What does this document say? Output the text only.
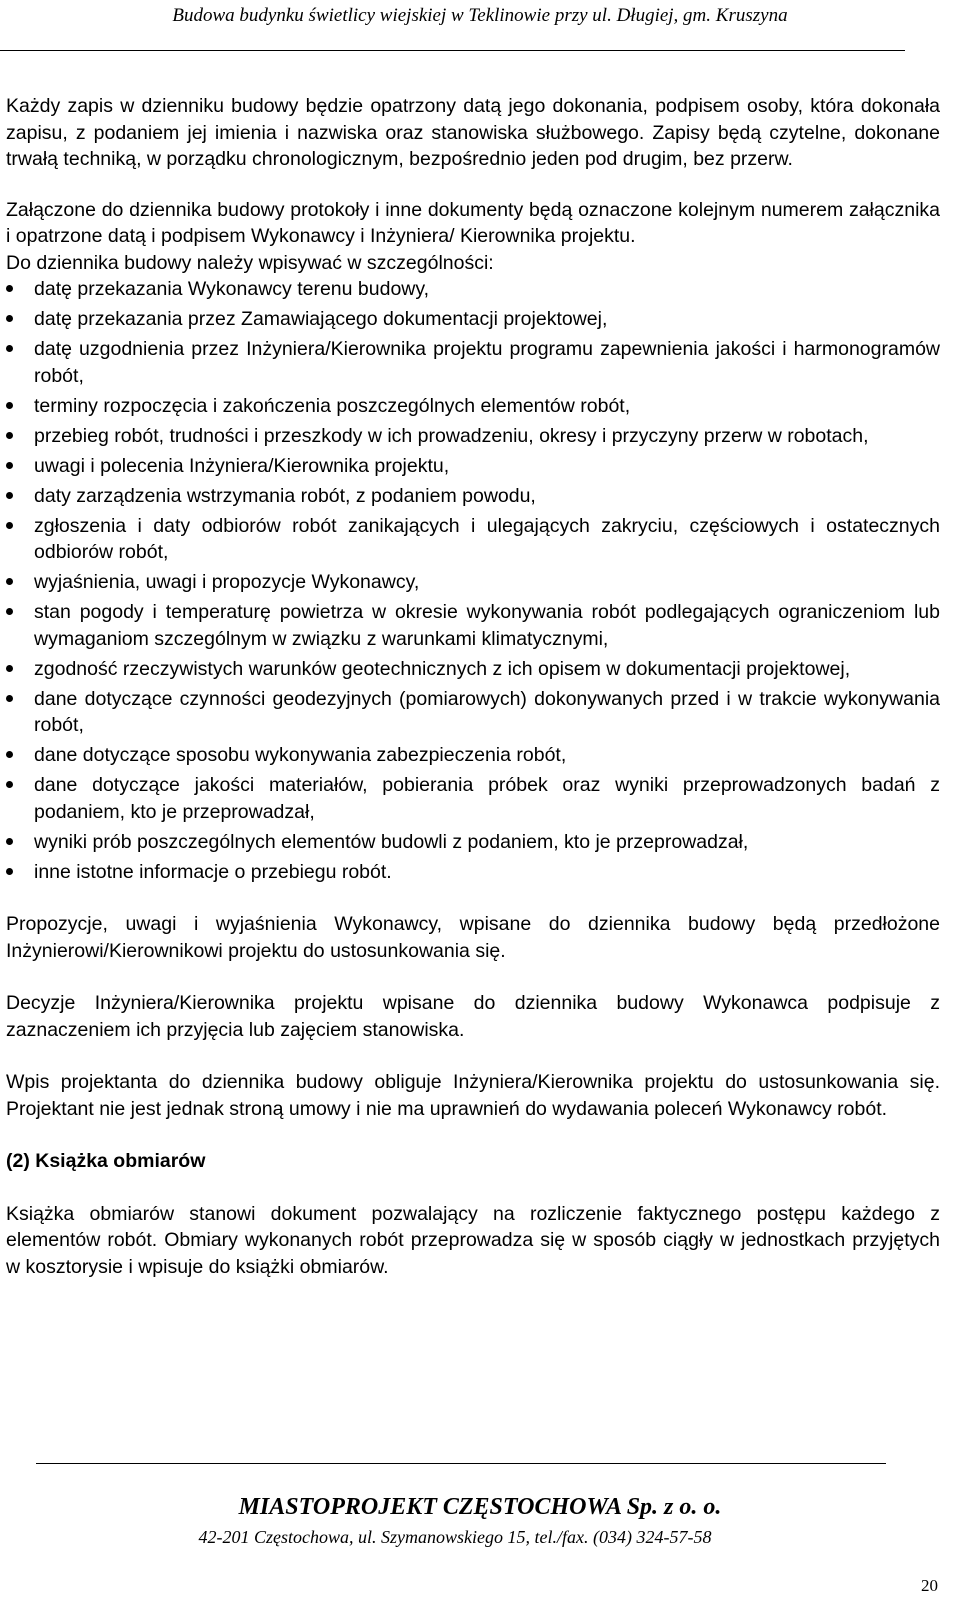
Budowa budynku świetlicy wiejskiej w Teklinowie przy ul. Długiej, gm. Kruszyna

Każdy zapis w dzienniku budowy będzie opatrzony datą jego dokonania, podpisem osoby, która dokonała zapisu, z podaniem jej imienia i nazwiska oraz stanowiska służbowego. Zapisy będą czytelne, dokonane trwałą techniką, w porządku chronologicznym, bezpośrednio jeden pod drugim, bez przerw.

Załączone do dziennika budowy protokoły i inne dokumenty będą oznaczone kolejnym numerem załącznika i opatrzone datą i podpisem Wykonawcy i Inżyniera/ Kierownika projektu.

Do dziennika budowy należy wpisywać w szczególności:

datę przekazania Wykonawcy terenu budowy,
datę przekazania przez Zamawiającego dokumentacji projektowej,
datę uzgodnienia przez Inżyniera/Kierownika projektu programu zapewnienia jakości i harmonogramów robót,
terminy rozpoczęcia i zakończenia poszczególnych elementów robót,
przebieg robót, trudności i przeszkody w ich prowadzeniu, okresy i przyczyny przerw w robotach,
uwagi i polecenia Inżyniera/Kierownika projektu,
daty zarządzenia wstrzymania robót, z podaniem powodu,
zgłoszenia i daty odbiorów robót zanikających i ulegających zakryciu, częściowych i ostatecznych odbiorów robót,
wyjaśnienia, uwagi i propozycje Wykonawcy,
stan pogody i temperaturę powietrza w okresie wykonywania robót podlegających ograniczeniom lub wymaganiom szczególnym w związku z warunkami klimatycznymi,
zgodność rzeczywistych warunków geotechnicznych z ich opisem w dokumentacji projektowej,
dane dotyczące czynności geodezyjnych (pomiarowych) dokonywanych przed i w trakcie wykonywania robót,
dane dotyczące sposobu wykonywania zabezpieczenia robót,
dane dotyczące jakości materiałów, pobierania próbek oraz wyniki przeprowadzonych badań z podaniem, kto je przeprowadzał,
wyniki prób poszczególnych elementów budowli z podaniem, kto je przeprowadzał,
inne istotne informacje o przebiegu robót.

Propozycje, uwagi i wyjaśnienia Wykonawcy, wpisane do dziennika budowy będą przedłożone Inżynierowi/Kierownikowi projektu do ustosunkowania się.

Decyzje Inżyniera/Kierownika projektu wpisane do dziennika budowy Wykonawca podpisuje z zaznaczeniem ich przyjęcia lub zajęciem stanowiska.

Wpis projektanta do dziennika budowy obliguje Inżyniera/Kierownika projektu do ustosunkowania się. Projektant nie jest jednak stroną umowy i nie ma uprawnień do wydawania poleceń Wykonawcy robót.

(2) Książka obmiarów

Książka obmiarów stanowi dokument pozwalający na rozliczenie faktycznego postępu każdego z elementów robót. Obmiary wykonanych robót przeprowadza się w sposób ciągły w jednostkach przyjętych w kosztorysie i wpisuje do książki obmiarów.

MIASTOPROJEKT CZĘSTOCHOWA Sp. z o. o.
42-201 Częstochowa, ul. Szymanowskiego 15, tel./fax. (034) 324-57-58
20
